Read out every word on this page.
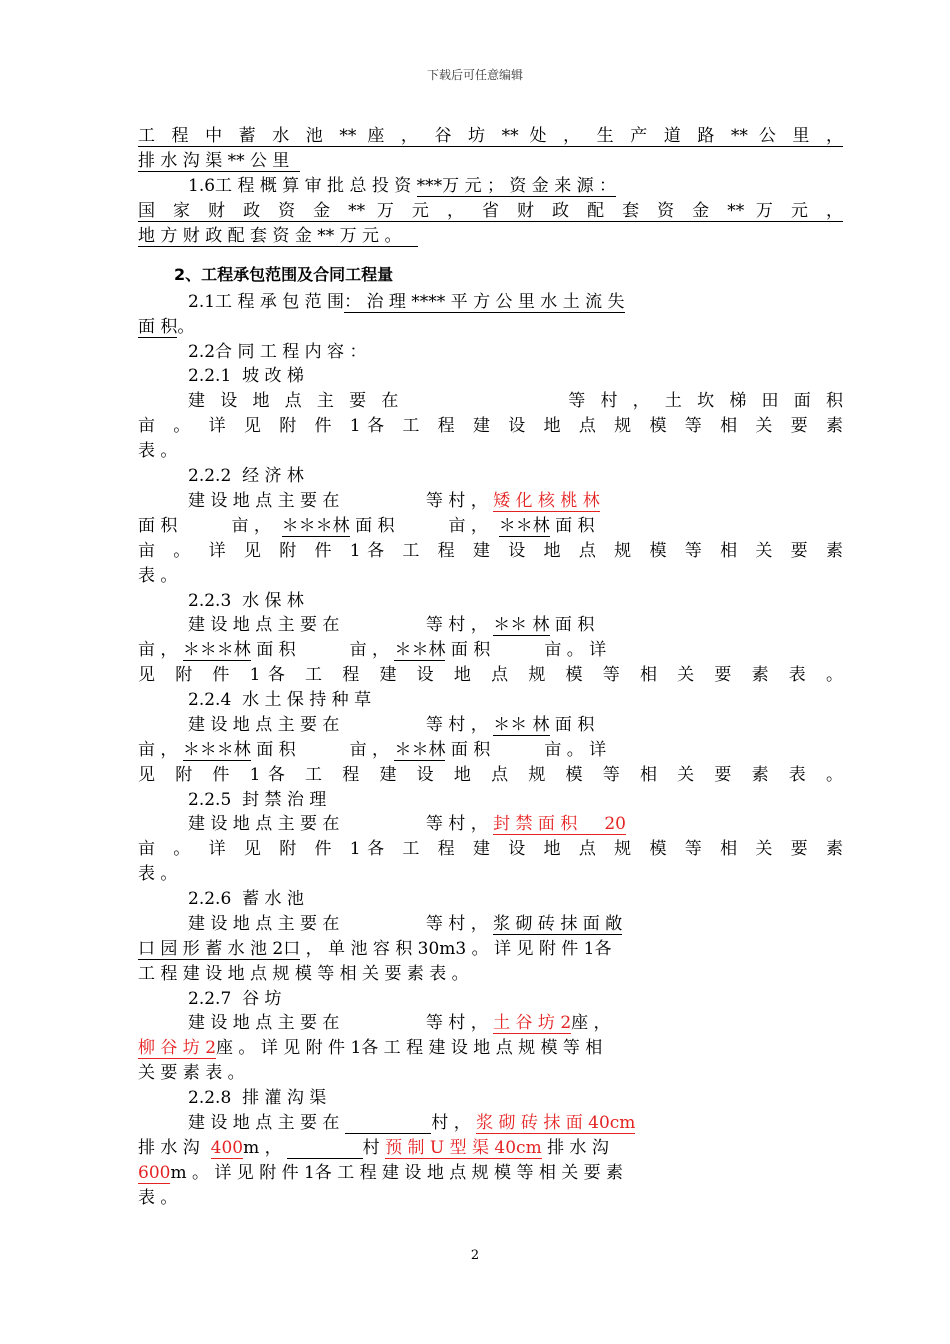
下载后可任意编辑
工 程 中 蓄 水 池 ** 座 ， 谷 坊 ** 处 ， 生 产 道 路 ** 公 里 ，
排 水 沟 渠 ** 公 里
1.6工 程 概 算 审 批 总 投 资 ***万 元 ； 资 金 来 源 ：
国 家 财 政 资 金 ** 万 元 ， 省 财 政 配 套 资 金 ** 万 元 ，
地 方 财 政 配 套 资 金 ** 万 元 。
2、工程承包范围及合同工程量
2.1工 程 承 包 范 围： 治 理 **** 平 方 公 里 水 土 流 失
面 积。
2.2合 同 工 程 内 容 ：
2.2.1  坡 改 梯
建 设 地 点 主 要 在                等 村 ， 土 坎 梯 田 面 积
亩 。 详 见 附 件 1各 工 程 建 设 地 点 规 模 等 相 关 要 素
表 。
2.2.2  经 济 林
建 设 地 点 主 要 在                等 村 ， 矮 化 核 桃 林
面 积          亩 ， ＊＊＊林 面 积          亩 ， ＊＊林 面 积
亩 。 详 见 附 件 1各 工 程 建 设 地 点 规 模 等 相 关 要 素
表 。
2.2.3  水 保 林
建 设 地 点 主 要 在                等 村 ， ＊＊ 林 面 积
亩 ， ＊＊＊林 面 积          亩 ， ＊＊林 面 积          亩 。 详
见 附 件 1各 工 程 建 设 地 点 规 模 等 相 关 要 素 表 。
2.2.4  水 土 保 持 种 草
建 设 地 点 主 要 在                等 村 ， ＊＊ 林 面 积
亩 ， ＊＊＊林 面 积          亩 ， ＊＊林 面 积          亩 。 详
见 附 件 1各 工 程 建 设 地 点 规 模 等 相 关 要 素 表 。
2.2.5  封 禁 治 理
建 设 地 点 主 要 在                等 村 ， 封 禁 面 积     20
亩 。 详 见 附 件 1各 工 程 建 设 地 点 规 模 等 相 关 要 素
表 。
2.2.6  蓄 水 池
建 设 地 点 主 要 在                等 村 ， 浆 砌 砖 抹 面 敞
口 园 形 蓄 水 池 2口 ， 单 池 容 积 30m3 。 详 见 附 件 1各
工 程 建 设 地 点 规 模 等 相 关 要 素 表 。
2.2.7  谷 坊
建 设 地 点 主 要 在                等 村 ， 土 谷 坊 2座 ，
柳 谷 坊 2座 。 详 见 附 件 1各 工 程 建 设 地 点 规 模 等 相
关 要 素 表 。
2.2.8  排 灌 沟 渠
建 设 地 点 主 要 在	村 ， 浆 砌 砖 抹 面 40cm
排 水 沟  400m ，	村 预 制 U 型 渠 40cm 排 水 沟
600m 。 详 见 附 件 1各 工 程 建 设 地 点 规 模 等 相 关 要 素
表 。
2
